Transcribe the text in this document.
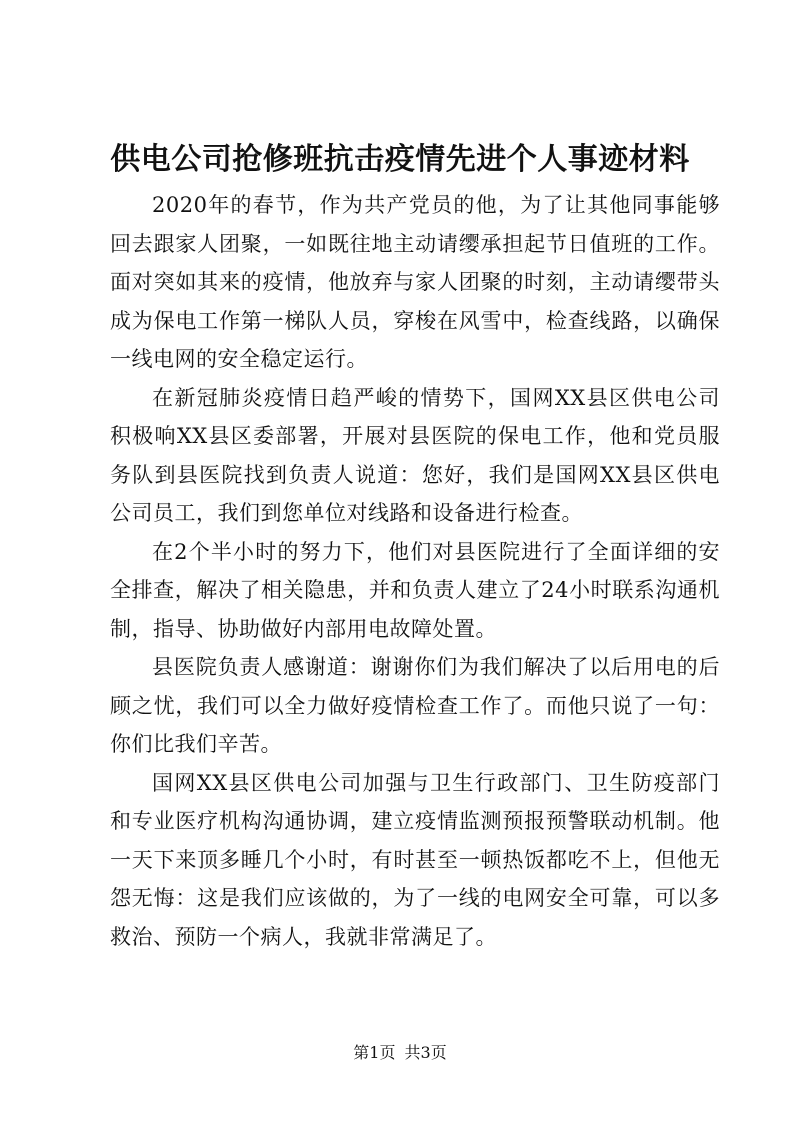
供电公司抢修班抗击疫情先进个人事迹材料

2020年的春节，作为共产党员的他，为了让其他同事能够回去跟家人团聚，一如既往地主动请缨承担起节日值班的工作。面对突如其来的疫情，他放弃与家人团聚的时刻，主动请缨带头成为保电工作第一梯队人员，穿梭在风雪中，检查线路，以确保一线电网的安全稳定运行。

在新冠肺炎疫情日趋严峻的情势下，国网XX县区供电公司积极响XX县区委部署，开展对县医院的保电工作，他和党员服务队到县医院找到负责人说道：您好，我们是国网XX县区供电公司员工，我们到您单位对线路和设备进行检查。

在2个半小时的努力下，他们对县医院进行了全面详细的安全排查，解决了相关隐患，并和负责人建立了24小时联系沟通机制，指导、协助做好内部用电故障处置。

县医院负责人感谢道：谢谢你们为我们解决了以后用电的后顾之忧，我们可以全力做好疫情检查工作了。而他只说了一句：你们比我们辛苦。

国网XX县区供电公司加强与卫生行政部门、卫生防疫部门和专业医疗机构沟通协调，建立疫情监测预报预警联动机制。他一天下来顶多睡几个小时，有时甚至一顿热饭都吃不上，但他无怨无悔：这是我们应该做的，为了一线的电网安全可靠，可以多救治、预防一个病人，我就非常满足了。

第1页 共3页
